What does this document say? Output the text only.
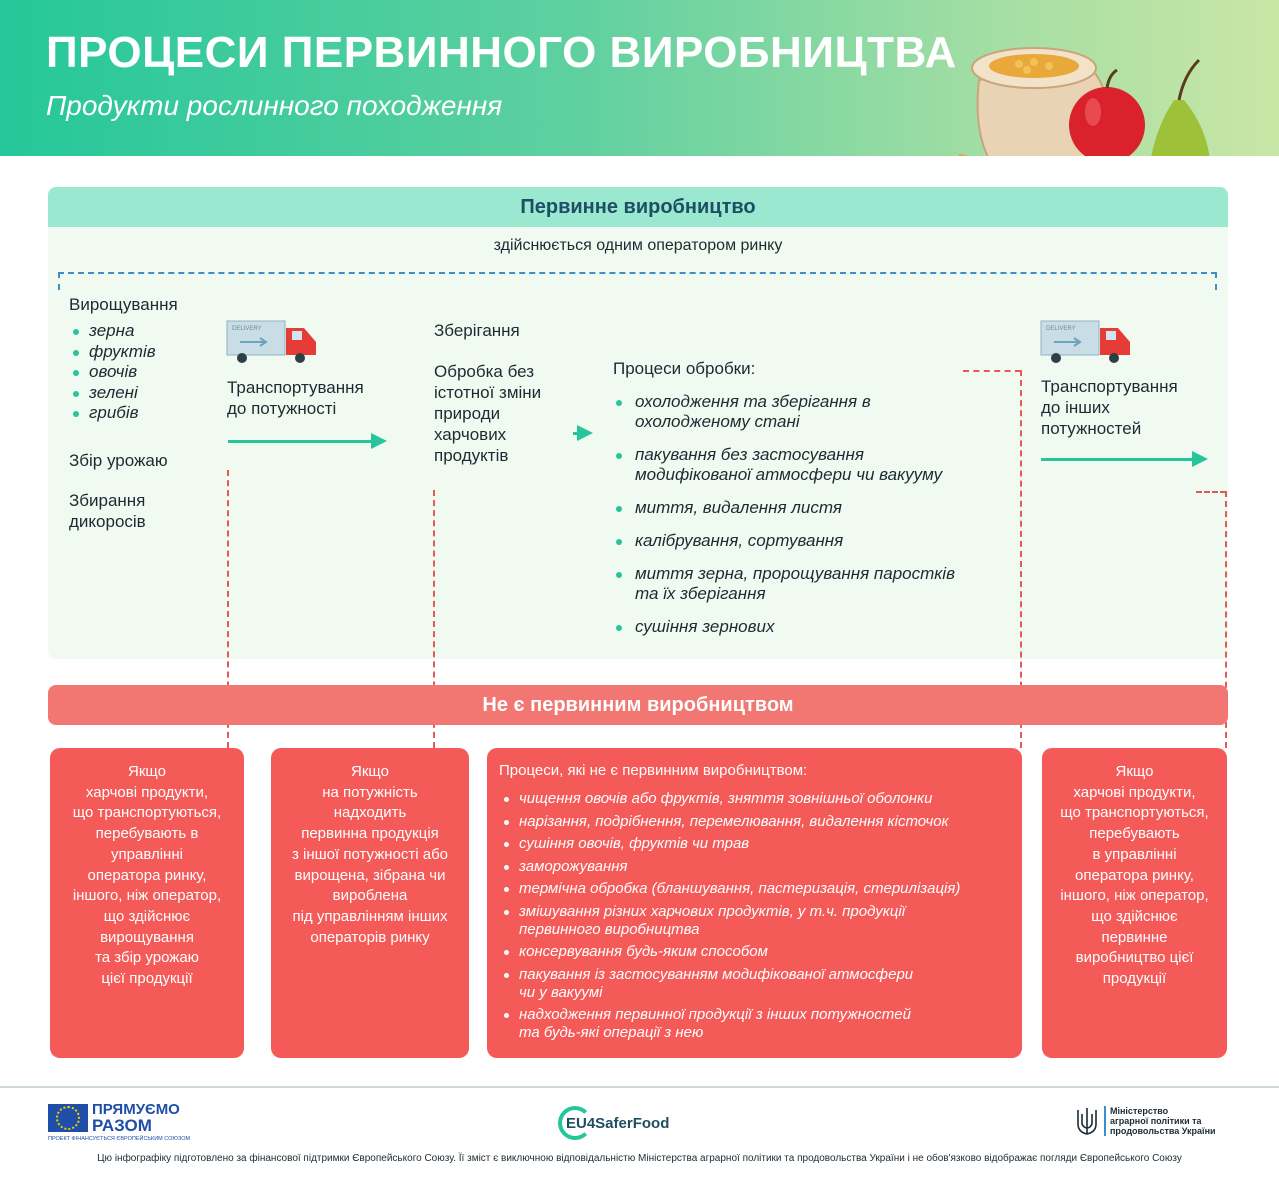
ПРОЦЕСИ ПЕРВИННОГО ВИРОБНИЦТВА
Продукти рослинного походження
Первинне виробництво
здійснюється одним оператором ринку
Вирощування
зерна
фруктів
овочів
зелені
грибів
Збір урожаю
Збирання
дикоросів
DELIVERY
Транспортування
до потужності
Зберігання
Обробка без
істотної зміни
природи
харчових
продуктів
Процеси обробки:
охолодження та зберігання в
охолодженому стані
пакування без застосування
модифікованої атмосфери чи вакууму
миття, видалення листя
калібрування, сортування
миття зерна, пророщування паростків
та їх зберігання
сушіння зернових
DELIVERY
Транспортування
до інших
потужностей
Не є первинним виробництвом
Якщо
харчові продукти,
що транспортуються,
перебувають в
управлінні
оператора ринку,
іншого, ніж оператор,
що здійснює
вирощування
та збір урожаю
цієї продукції
Якщо
на потужність
надходить
первинна продукція
з іншої потужності або
вирощена, зібрана чи
вироблена
під управлінням інших
операторів ринку
Процеси, які не є первинним виробництвом:
чищення овочів або фруктів, зняття зовнішньої оболонки
нарізання, подрібнення, перемелювання, видалення кісточок
сушіння овочів, фруктів чи трав
заморожування
термічна обробка (бланшування, пастеризація, стерилізація)
змішування різних харчових продуктів, у т.ч. продукції
первинного виробництва
консервування будь-яким способом
пакування із застосуванням модифікованої атмосфери
чи у вакуумі
надходження первинної продукції з інших потужностей
та будь-які операції з нею
Якщо
харчові продукти,
що транспортуються,
перебувають
в управлінні
оператора ринку,
іншого, ніж оператор,
що здійснює
первинне
виробництво цієї
продукції
ПРЯМУЄМО
РАЗОМ
ПРОЕКТ ФІНАНСУЄТЬСЯ ЄВРОПЕЙСЬКИМ СОЮЗОМ
EU4SaferFood
Міністерство
аграрної політики та
продовольства України
Цю інфографіку підготовлено за фінансової підтримки Європейського Союзу. Її зміст є виключною відповідальністю Міністерства аграрної політики та продовольства України і не обов'язково відображає погляди Європейського Союзу
